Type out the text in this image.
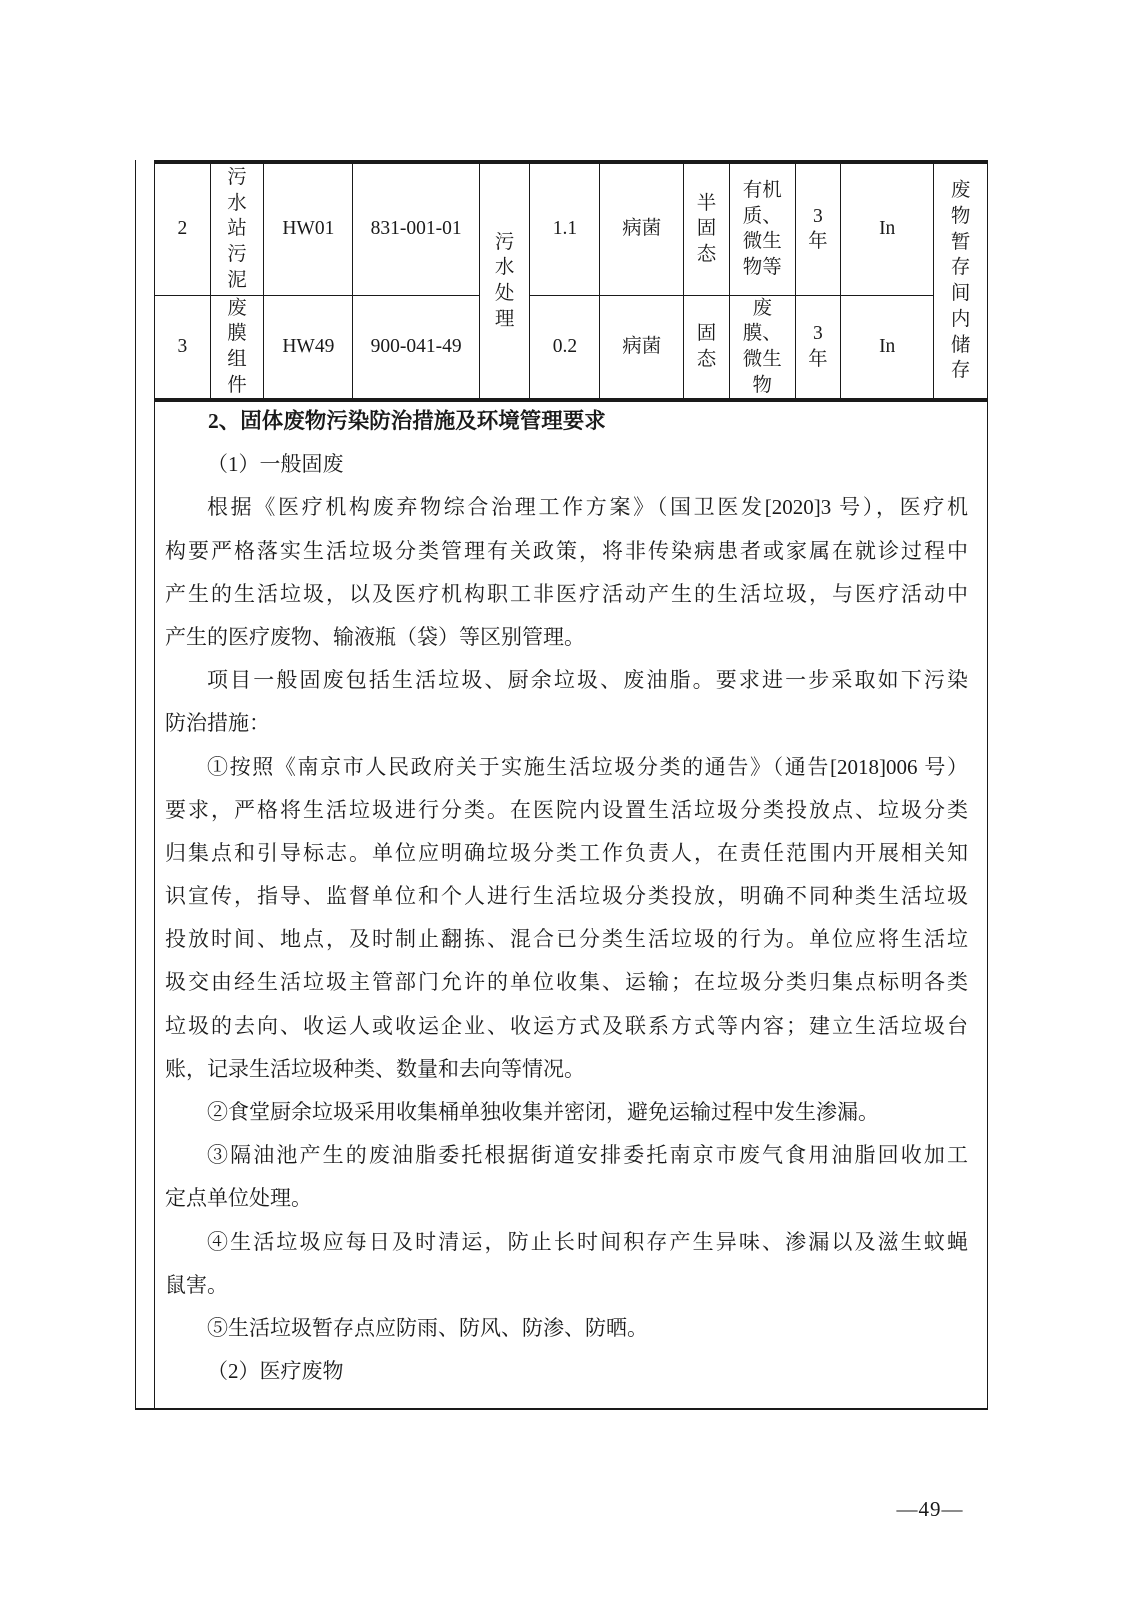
2	污水站污泥	HW01	831-001-01	污水处理	1.1	病菌	半固态	有机质、微生物等	3年	In	废物暂存间内储存
3	废膜组件	HW49	900-041-49		0.2	病菌	固态	废膜、微生物	3年	In	
2、固体废物污染防治措施及环境管理要求
（1）一般固废
根据《医疗机构废弃物综合治理工作方案》（国卫医发[2020]3 号），医疗机
构要严格落实生活垃圾分类管理有关政策，将非传染病患者或家属在就诊过程中
产生的生活垃圾，以及医疗机构职工非医疗活动产生的生活垃圾，与医疗活动中
产生的医疗废物、输液瓶（袋）等区别管理。
项目一般固废包括生活垃圾、厨余垃圾、废油脂。要求进一步采取如下污染
防治措施：
①按照《南京市人民政府关于实施生活垃圾分类的通告》（通告[2018]006 号）
要求，严格将生活垃圾进行分类。在医院内设置生活垃圾分类投放点、垃圾分类
归集点和引导标志。单位应明确垃圾分类工作负责人，在责任范围内开展相关知
识宣传，指导、监督单位和个人进行生活垃圾分类投放，明确不同种类生活垃圾
投放时间、地点，及时制止翻拣、混合已分类生活垃圾的行为。单位应将生活垃
圾交由经生活垃圾主管部门允许的单位收集、运输；在垃圾分类归集点标明各类
垃圾的去向、收运人或收运企业、收运方式及联系方式等内容；建立生活垃圾台
账，记录生活垃圾种类、数量和去向等情况。
②食堂厨余垃圾采用收集桶单独收集并密闭，避免运输过程中发生渗漏。
③隔油池产生的废油脂委托根据街道安排委托南京市废气食用油脂回收加工
定点单位处理。
④生活垃圾应每日及时清运，防止长时间积存产生异味、渗漏以及滋生蚊蝇
鼠害。
⑤生活垃圾暂存点应防雨、防风、防渗、防晒。
（2）医疗废物
—49—
